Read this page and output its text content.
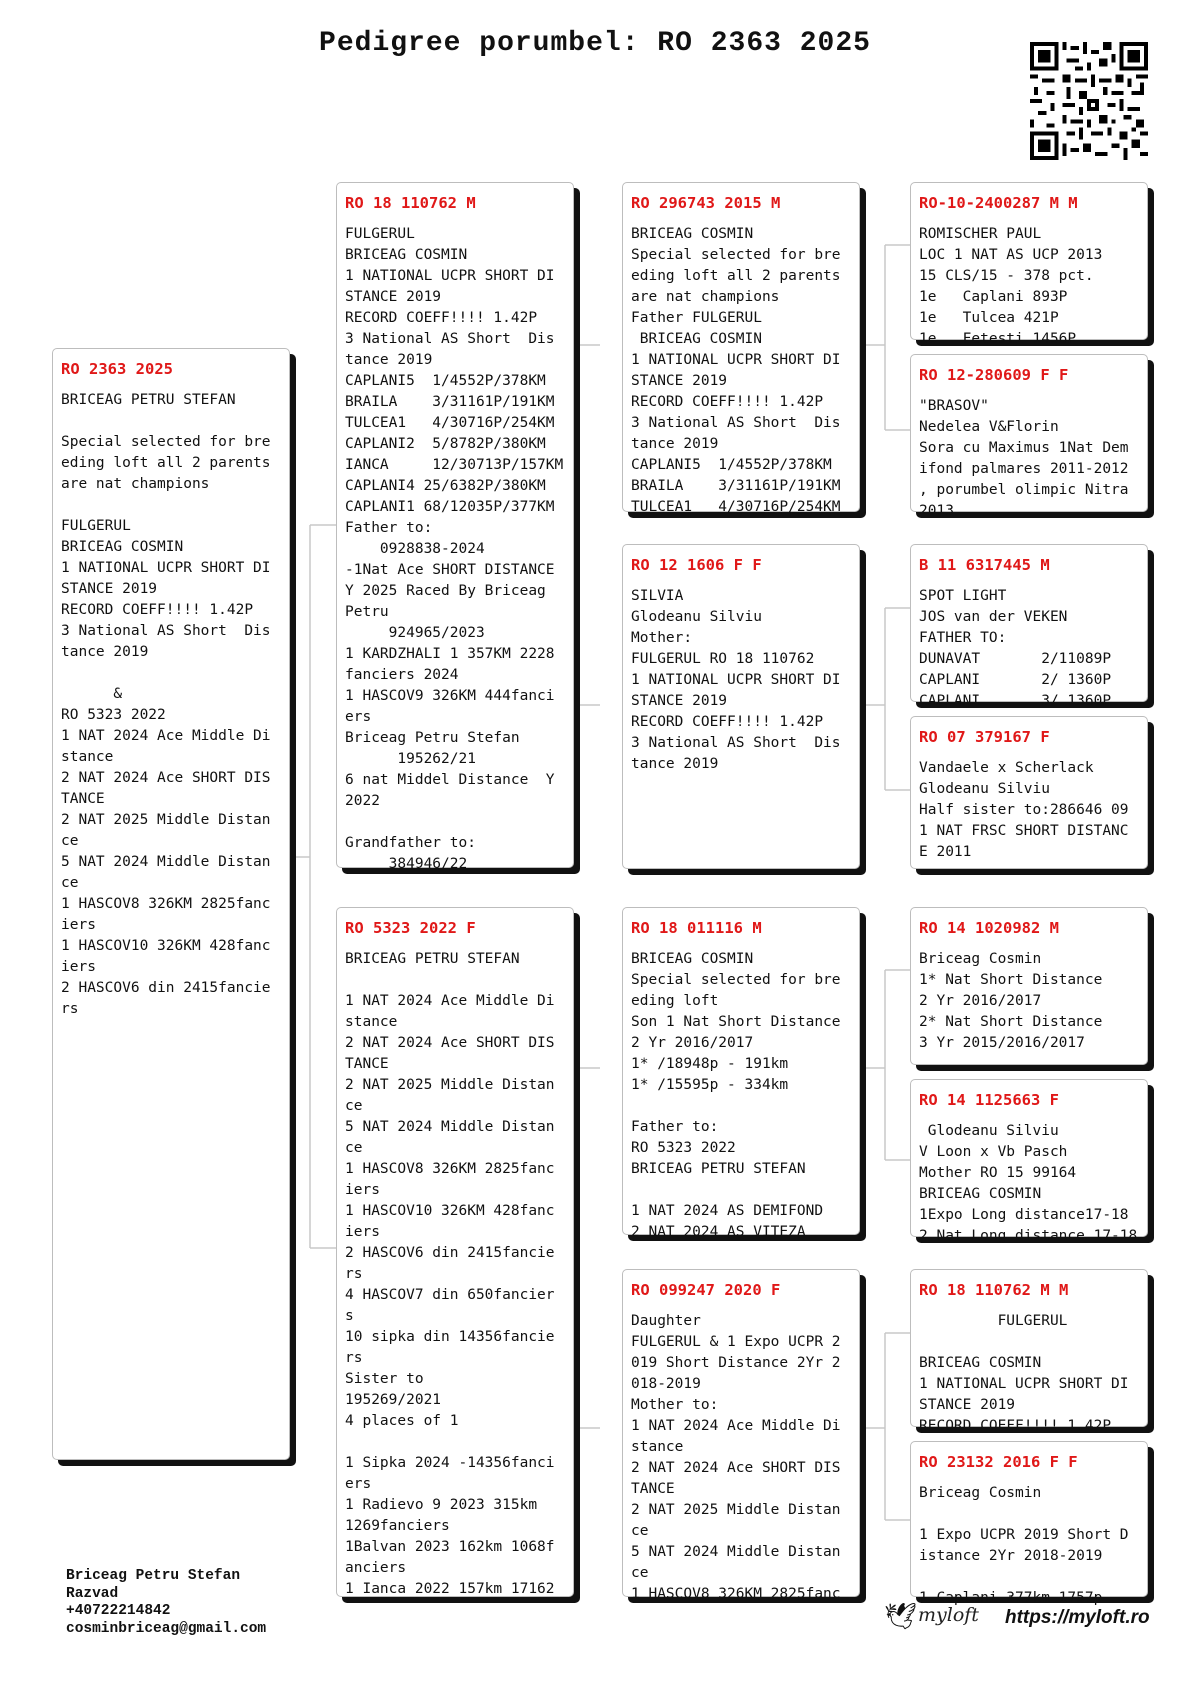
Pedigree porumbel: RO 2363 2025
RO 2363 2025
BRICEAG PETRU STEFAN

Special selected for bre
eding loft all 2 parents
are nat champions

FULGERUL
BRICEAG COSMIN
1 NATIONAL UCPR SHORT DI
STANCE 2019
RECORD COEFF!!!! 1.42P
3 National AS Short  Dis
tance 2019

&
RO 5323 2022
1 NAT 2024 Ace Middle Di
stance
2 NAT 2024 Ace SHORT DIS
TANCE
2 NAT 2025 Middle Distan
ce
5 NAT 2024 Middle Distan
ce
1 HASCOV8 326KM 2825fanc
iers
1 HASCOV10 326KM 428fanc
iers
2 HASCOV6 din 2415fancie
rs
RO 18 110762 M
FULGERUL
BRICEAG COSMIN
1 NATIONAL UCPR SHORT DI
STANCE 2019
RECORD COEFF!!!! 1.42P
3 National AS Short  Dis
tance 2019
CAPLANI5  1/4552P/378KM
BRAILA    3/31161P/191KM
TULCEA1   4/30716P/254KM
CAPLANI2  5/8782P/380KM
IANCA     12/30713P/157KM
CAPLANI4 25/6382P/380KM
CAPLANI1 68/12035P/377KM
Father to:
0928838-2024
-1Nat Ace SHORT DISTANCE
Y 2025 Raced By Briceag
Petru
924965/2023
1 KARDZHALI 1 357KM 2228
fanciers 2024
1 HASCOV9 326KM 444fanci
ers
Briceag Petru Stefan
195262/21
6 nat Middel Distance  Y
2022

Grandfather to:
384946/22
RO 5323 2022 F
BRICEAG PETRU STEFAN

1 NAT 2024 Ace Middle Di
stance
2 NAT 2024 Ace SHORT DIS
TANCE
2 NAT 2025 Middle Distan
ce
5 NAT 2024 Middle Distan
ce
1 HASCOV8 326KM 2825fanc
iers
1 HASCOV10 326KM 428fanc
iers
2 HASCOV6 din 2415fancie
rs
4 HASCOV7 din 650fancier
s
10 sipka din 14356fancie
rs
Sister to
195269/2021
4 places of 1

1 Sipka 2024 -14356fanci
ers
1 Radievo 9 2023 315km
1269fanciers
1Balvan 2023 162km 1068f
anciers
1 Ianca 2022 157km 17162
RO 296743 2015 M
BRICEAG COSMIN
Special selected for bre
eding loft all 2 parents
are nat champions
Father FULGERUL
BRICEAG COSMIN
1 NATIONAL UCPR SHORT DI
STANCE 2019
RECORD COEFF!!!! 1.42P
3 National AS Short  Dis
tance 2019
CAPLANI5  1/4552P/378KM
BRAILA    3/31161P/191KM
TULCEA1   4/30716P/254KM
RO 12 1606 F F
SILVIA
Glodeanu Silviu
Mother:
FULGERUL RO 18 110762
1 NATIONAL UCPR SHORT DI
STANCE 2019
RECORD COEFF!!!! 1.42P
3 National AS Short  Dis
tance 2019
RO 18 011116 M
BRICEAG COSMIN
Special selected for bre
eding loft
Son 1 Nat Short Distance
2 Yr 2016/2017
1* /18948p - 191km
1* /15595p - 334km

Father to:
RO 5323 2022
BRICEAG PETRU STEFAN

1 NAT 2024 AS DEMIFOND
2 NAT 2024 AS VITEZA
RO 099247 2020 F
Daughter
FULGERUL & 1 Expo UCPR 2
019 Short Distance 2Yr 2
018-2019
Mother to:
1 NAT 2024 Ace Middle Di
stance
2 NAT 2024 Ace SHORT DIS
TANCE
2 NAT 2025 Middle Distan
ce
5 NAT 2024 Middle Distan
ce
1 HASCOV8 326KM 2825fanc
RO-10-2400287 M M
ROMISCHER PAUL
LOC 1 NAT AS UCP 2013
15 CLS/15 - 378 pct.
1e   Caplani 893P
1e   Tulcea 421P
1e   Fetesti 1456P
RO 12-280609 F F
"BRASOV"
Nedelea V&Florin
Sora cu Maximus 1Nat Dem
ifond palmares 2011-2012
, porumbel olimpic Nitra
2013
B 11 6317445 M
SPOT LIGHT
JOS van der VEKEN
FATHER TO:
DUNAVAT       2/11089P
CAPLANI       2/ 1360P
CAPLANI       3/ 1360P
RO 07 379167 F
Vandaele x Scherlack
Glodeanu Silviu
Half sister to:286646 09
1 NAT FRSC SHORT DISTANC
E 2011
RO 14 1020982 M
Briceag Cosmin
1* Nat Short Distance
2 Yr 2016/2017
2* Nat Short Distance
3 Yr 2015/2016/2017
RO 14 1125663 F
Glodeanu Silviu
V Loon x Vb Pasch
Mother RO 15 99164
BRICEAG COSMIN
1Expo Long distance17-18
2 Nat Long distance 17-18
RO 18 110762 M M
FULGERUL

BRICEAG COSMIN
1 NATIONAL UCPR SHORT DI
STANCE 2019
RECORD COEFF!!!! 1.42P
RO 23132 2016 F F
Briceag Cosmin

1 Expo UCPR 2019 Short D
istance 2Yr 2018-2019

1 Caplani 377km 1757p
Briceag Petru Stefan
Razvad
+40722214842
cosminbriceag@gmail.com	🕊 myloft https://myloft.ro
